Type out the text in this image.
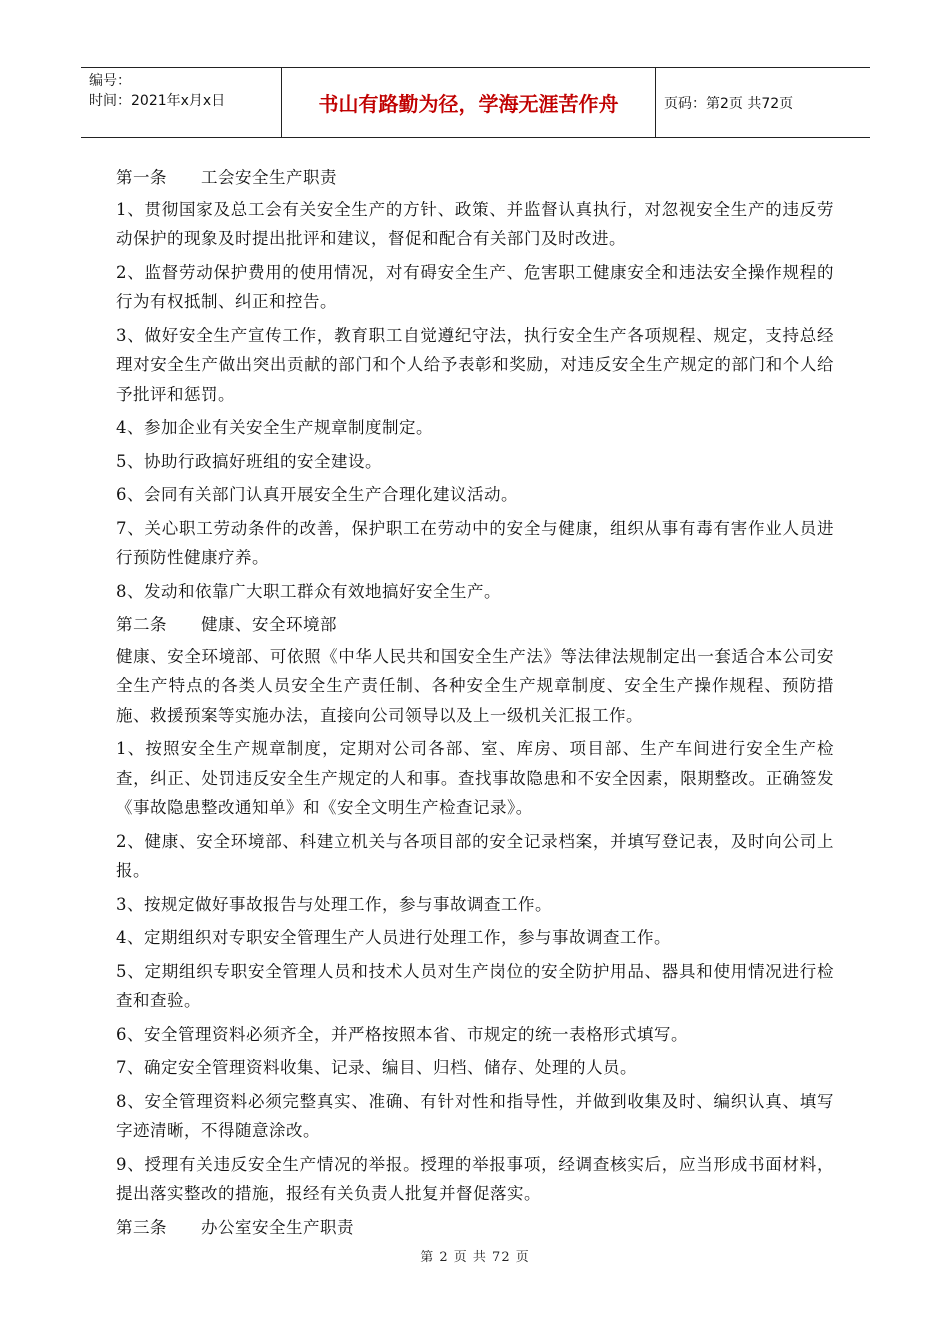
编号：
时间：2021年x月x日	书山有路勤为径，学海无涯苦作舟	页码：第2页 共72页

第一条　　工会安全生产职责

1、贯彻国家及总工会有关安全生产的方针、政策、并监督认真执行，对忽视安全生产的违反劳动保护的现象及时提出批评和建议，督促和配合有关部门及时改进。

2、监督劳动保护费用的使用情况，对有碍安全生产、危害职工健康安全和违法安全操作规程的行为有权抵制、纠正和控告。

3、做好安全生产宣传工作，教育职工自觉遵纪守法，执行安全生产各项规程、规定，支持总经理对安全生产做出突出贡献的部门和个人给予表彰和奖励，对违反安全生产规定的部门和个人给予批评和惩罚。

4、参加企业有关安全生产规章制度制定。

5、协助行政搞好班组的安全建设。

6、会同有关部门认真开展安全生产合理化建议活动。

7、关心职工劳动条件的改善，保护职工在劳动中的安全与健康，组织从事有毒有害作业人员进行预防性健康疗养。

8、发动和依靠广大职工群众有效地搞好安全生产。

第二条　　健康、安全环境部

健康、安全环境部、可依照《中华人民共和国安全生产法》等法律法规制定出一套适合本公司安全生产特点的各类人员安全生产责任制、各种安全生产规章制度、安全生产操作规程、预防措施、救援预案等实施办法，直接向公司领导以及上一级机关汇报工作。

1、按照安全生产规章制度，定期对公司各部、室、库房、项目部、生产车间进行安全生产检查，纠正、处罚违反安全生产规定的人和事。查找事故隐患和不安全因素，限期整改。正确签发《事故隐患整改通知单》和《安全文明生产检查记录》。

2、健康、安全环境部、科建立机关与各项目部的安全记录档案，并填写登记表，及时向公司上报。

3、按规定做好事故报告与处理工作，参与事故调查工作。

4、定期组织对专职安全管理生产人员进行处理工作，参与事故调查工作。

5、定期组织专职安全管理人员和技术人员对生产岗位的安全防护用品、器具和使用情况进行检查和查验。

6、安全管理资料必须齐全，并严格按照本省、市规定的统一表格形式填写。

7、确定安全管理资料收集、记录、编目、归档、储存、处理的人员。

8、安全管理资料必须完整真实、准确、有针对性和指导性，并做到收集及时、编织认真、填写字迹清晰，不得随意涂改。

9、授理有关违反安全生产情况的举报。授理的举报事项，经调查核实后，应当形成书面材料，提出落实整改的措施，报经有关负责人批复并督促落实。

第三条　　办公室安全生产职责

第 2 页 共 72 页
